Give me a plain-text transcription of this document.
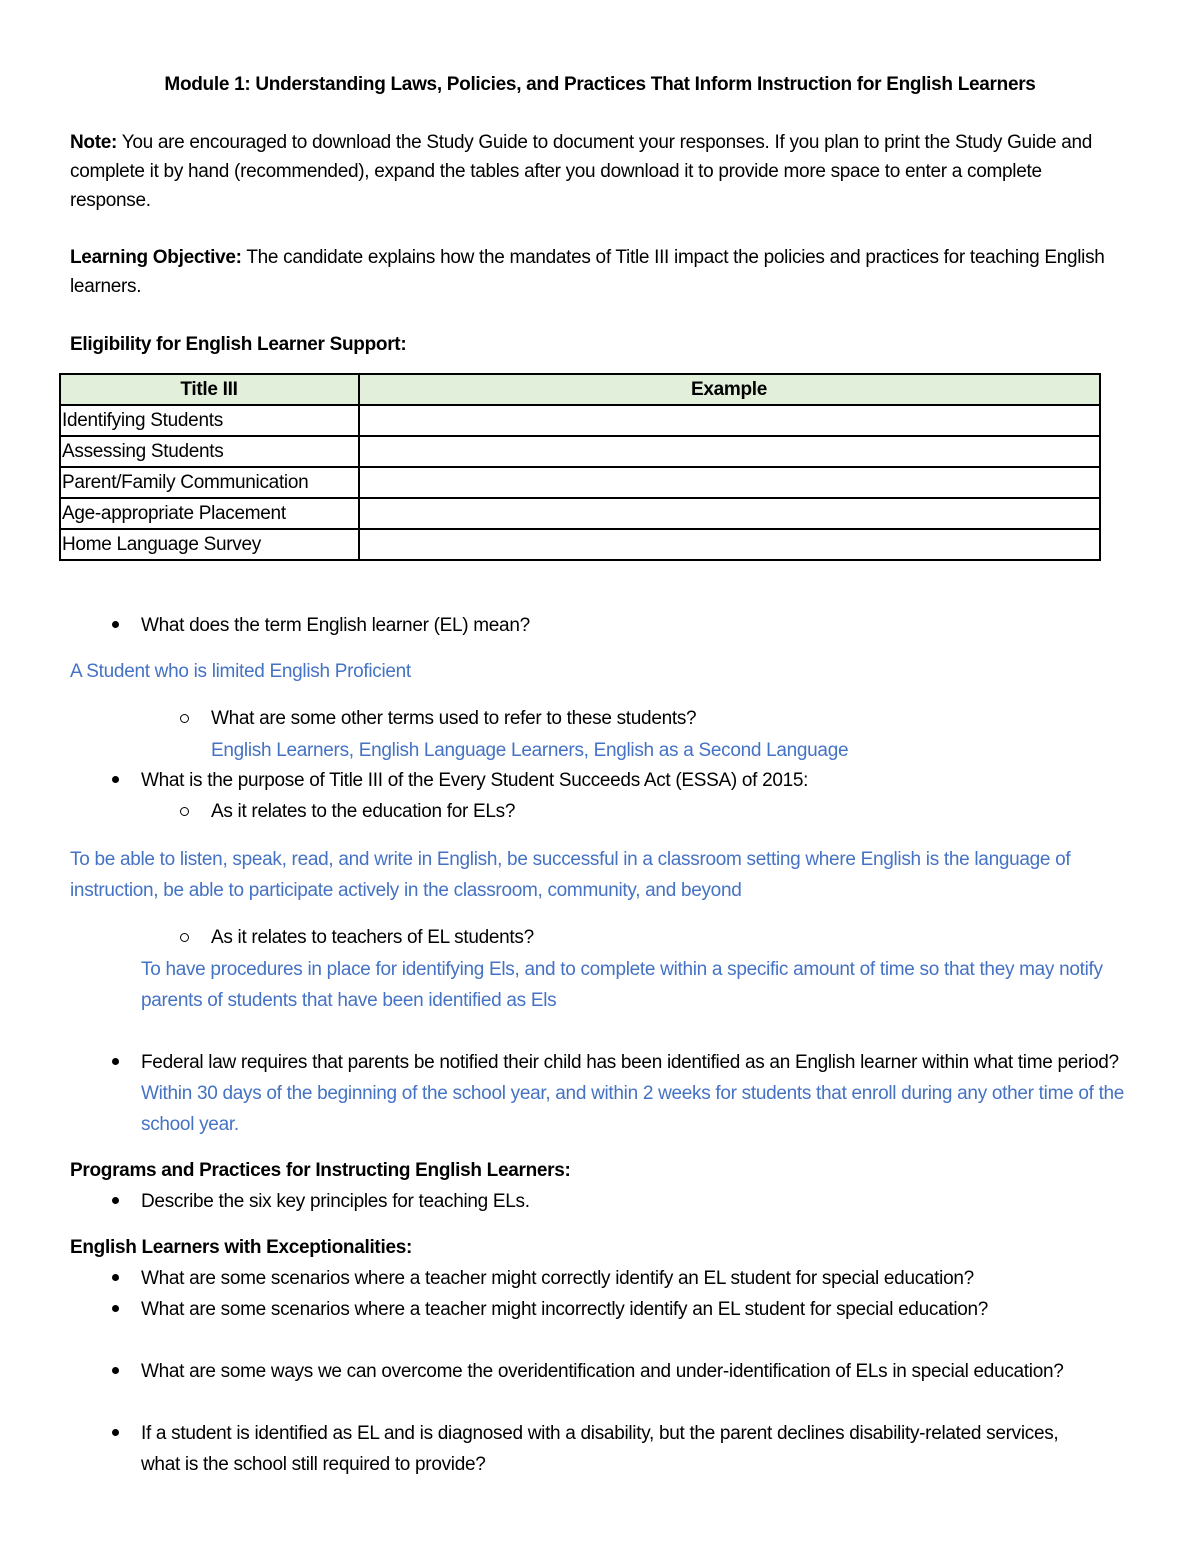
Module 1: Understanding Laws, Policies, and Practices That Inform Instruction for English Learners
Note: You are encouraged to download the Study Guide to document your responses. If you plan to print the Study Guide and complete it by hand (recommended), expand the tables after you download it to provide more space to enter a complete response.
Learning Objective: The candidate explains how the mandates of Title III impact the policies and practices for teaching English learners.
Eligibility for English Learner Support:
Title III	Example
Identifying Students	
Assessing Students	
Parent/Family Communication	
Age-appropriate Placement	
Home Language Survey	
What does the term English learner (EL) mean?
A Student who is limited English Proficient
What are some other terms used to refer to these students?
English Learners, English Language Learners, English as a Second Language
What is the purpose of Title III of the Every Student Succeeds Act (ESSA) of 2015:
As it relates to the education for ELs?
To be able to listen, speak, read, and write in English, be successful in a classroom setting where English is the language of instruction, be able to participate actively in the classroom, community, and beyond
As it relates to teachers of EL students?
To have procedures in place for identifying Els, and to complete within a specific amount of time so that they may notify parents of students that have been identified as Els
Federal law requires that parents be notified their child has been identified as an English learner within what time period? Within 30 days of the beginning of the school year, and within 2 weeks for students that enroll during any other time of the school year.
Programs and Practices for Instructing English Learners:
Describe the six key principles for teaching ELs.
English Learners with Exceptionalities:
What are some scenarios where a teacher might correctly identify an EL student for special education?
What are some scenarios where a teacher might incorrectly identify an EL student for special education?
What are some ways we can overcome the overidentification and under-identification of ELs in special education?
If a student is identified as EL and is diagnosed with a disability, but the parent declines disability-related services, what is the school still required to provide?
